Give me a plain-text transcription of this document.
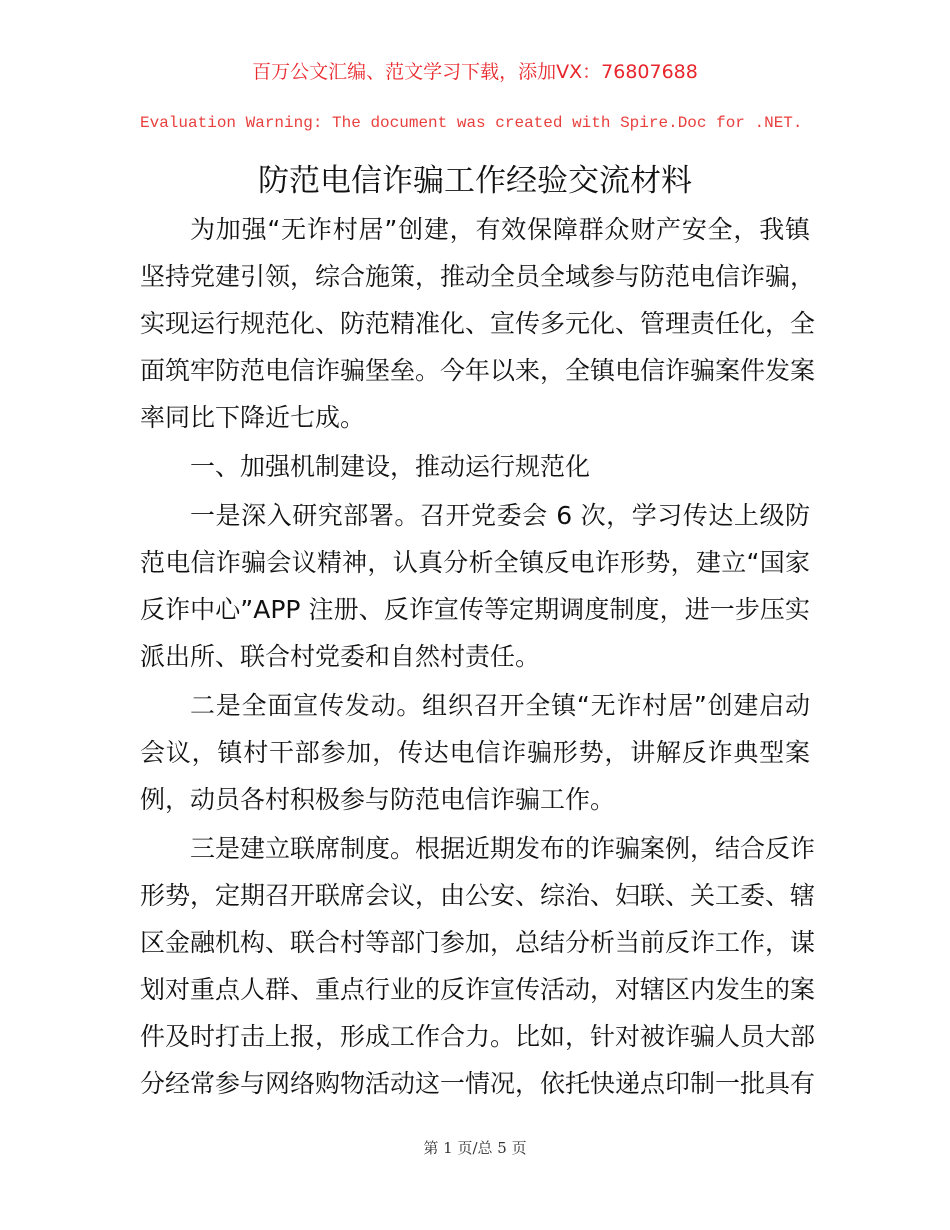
百万公文汇编、范文学习下载，添加VX：76807688
Evaluation Warning: The document was created with Spire.Doc for .NET.
防范电信诈骗工作经验交流材料
为加强“无诈村居”创建，有效保障群众财产安全，我镇
坚持党建引领，综合施策，推动全员全域参与防范电信诈骗，
实现运行规范化、防范精准化、宣传多元化、管理责任化，全
面筑牢防范电信诈骗堡垒。今年以来，全镇电信诈骗案件发案
率同比下降近七成。
一、加强机制建设，推动运行规范化
一是深入研究部署。召开党委会 6 次，学习传达上级防
范电信诈骗会议精神，认真分析全镇反电诈形势，建立“国家
反诈中心”APP 注册、反诈宣传等定期调度制度，进一步压实
派出所、联合村党委和自然村责任。
二是全面宣传发动。组织召开全镇“无诈村居”创建启动
会议，镇村干部参加，传达电信诈骗形势，讲解反诈典型案
例，动员各村积极参与防范电信诈骗工作。
三是建立联席制度。根据近期发布的诈骗案例，结合反诈
形势，定期召开联席会议，由公安、综治、妇联、关工委、辖
区金融机构、联合村等部门参加，总结分析当前反诈工作，谋
划对重点人群、重点行业的反诈宣传活动，对辖区内发生的案
件及时打击上报，形成工作合力。比如，针对被诈骗人员大部
分经常参与网络购物活动这一情况，依托快递点印制一批具有
第 1 页/总 5 页
